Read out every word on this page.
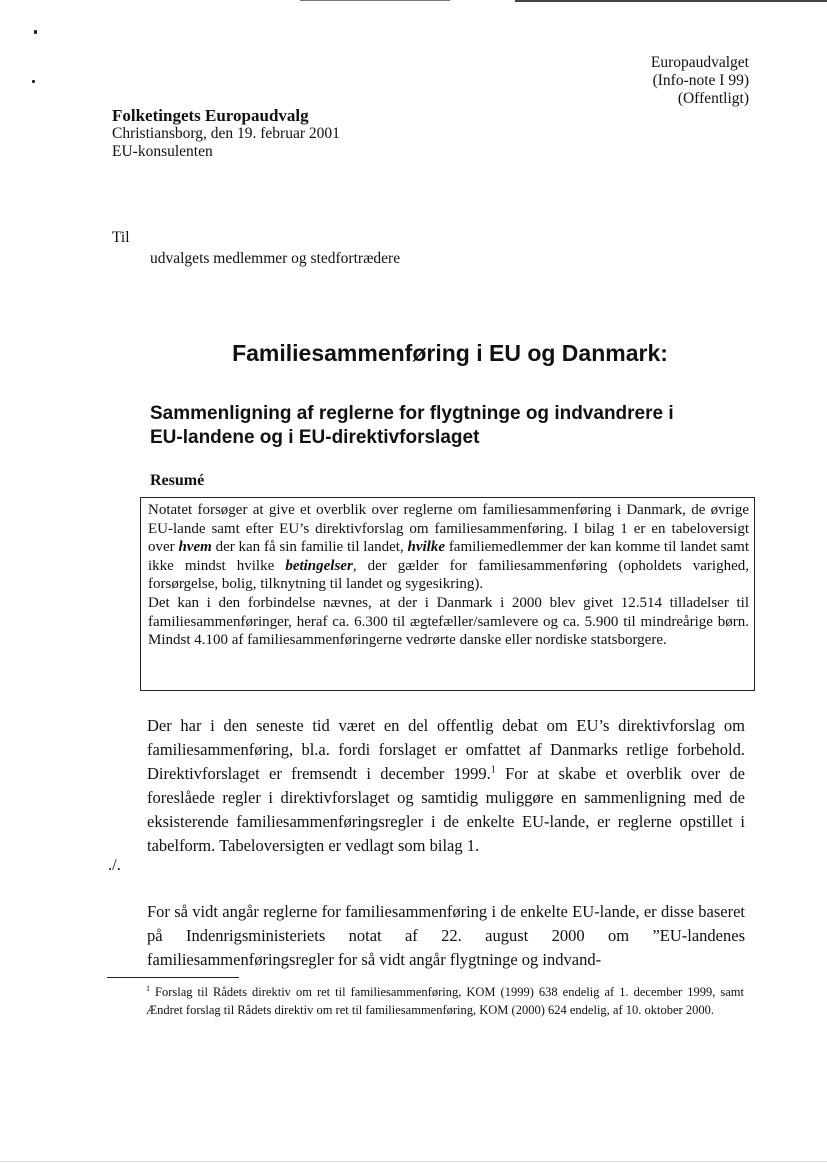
Europaudvalget
(Info-note I 99)
(Offentligt)
Folketingets Europaudvalg
Christiansborg, den 19. februar 2001
EU-konsulenten
Til
udvalgets medlemmer og stedfortrædere
Familiesammenføring i EU og Danmark:
Sammenligning af reglerne for flygtninge og indvandrere i
EU-landene og i EU-direktivforslaget
Resumé

Notatet forsøger at give et overblik over reglerne om familiesammenføring i Danmark, de øvrige EU-lande samt efter EU’s direktivforslag om familiesammenføring. I bilag 1 er en tabeloversigt over hvem der kan få sin familie til landet, hvilke familiemedlemmer der kan komme til landet samt ikke mindst hvilke betingelser, der gælder for familiesammenføring (opholdets varighed, forsørgelse, bolig, tilknytning til landet og sygesikring).

Det kan i den forbindelse nævnes, at der i Danmark i 2000 blev givet 12.514 tilladelser til familiesammenføringer, heraf ca. 6.300 til ægtefæller/samlevere og ca. 5.900 til mindreårige børn. Mindst 4.100 af familiesammenføringerne vedrørte danske eller nordiske statsborgere.

Der har i den seneste tid været en del offentlig debat om EU’s direktivforslag om familiesammenføring, bl.a. fordi forslaget er omfattet af Danmarks retlige forbehold. Direktivforslaget er fremsendt i december 1999.$^1$ For at skabe et overblik over de foreslåede regler i direktivforslaget og samtidig muliggøre en sammenligning med de eksisterende familiesammenføringsregler i de enkelte EU-lande, er reglerne opstillet i tabelform. Tabeloversigten er vedlagt som bilag 1.

./.

For så vidt angår reglerne for familiesammenføring i de enkelte EU-lande, er disse baseret på Indenrigsministeriets notat af 22. august 2000 om ”EU-landenes familiesammenføringsregler for så vidt angår flygtninge og indvand-

$^1$ Forslag til Rådets direktiv om ret til familiesammenføring, KOM (1999) 638 endelig af 1. december 1999, samt Ændret forslag til Rådets direktiv om ret til familiesammenføring, KOM (2000) 624 endelig, af 10. oktober 2000.
